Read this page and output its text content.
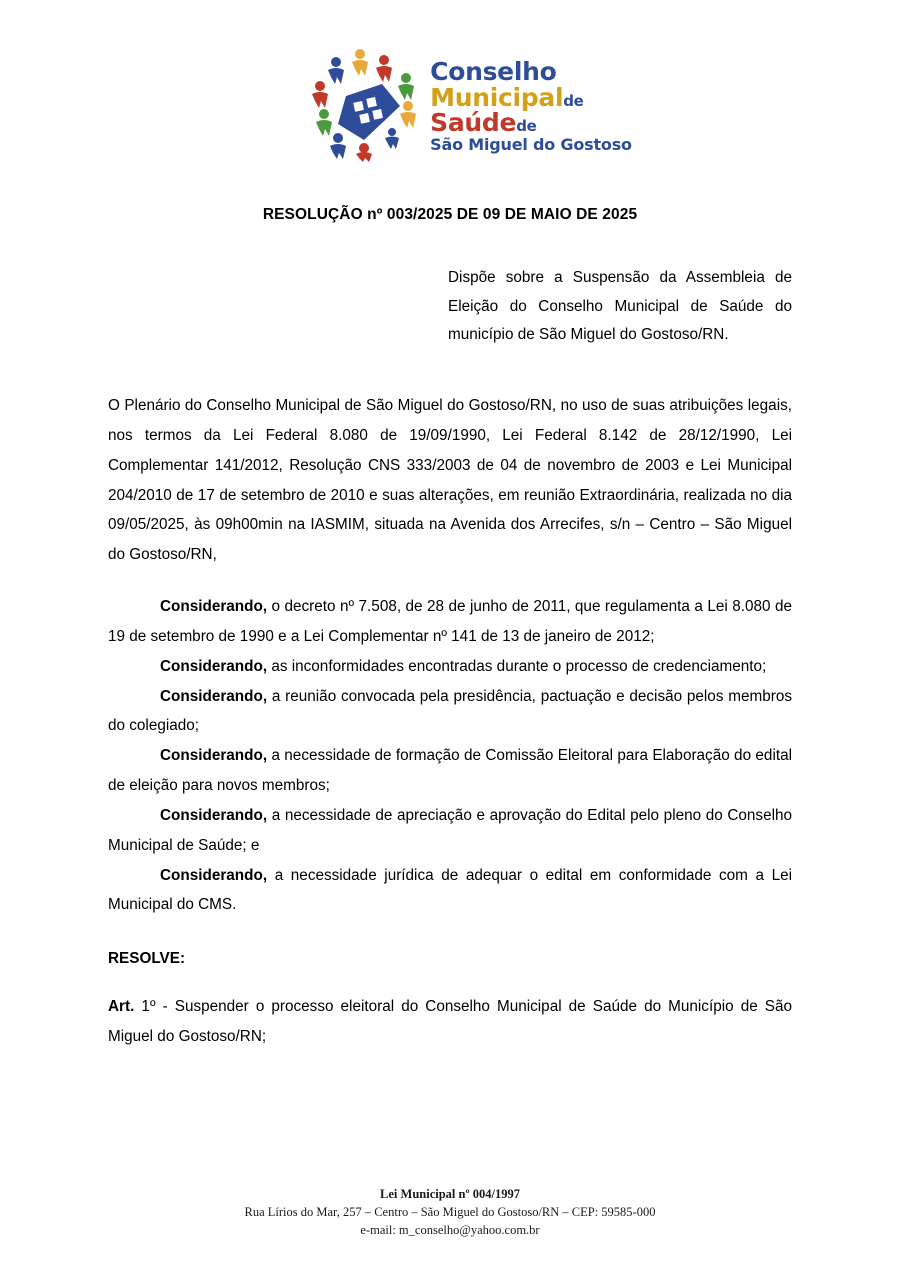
Conselho
Municipalde
Saúdede
São Miguel do Gostoso
RESOLUÇÃO nº 003/2025 DE 09 DE MAIO DE 2025
Dispõe sobre a Suspensão da Assembleia de Eleição do Conselho Municipal de Saúde do município de São Miguel do Gostoso/RN.

O Plenário do Conselho Municipal de São Miguel do Gostoso/RN, no uso de suas atribuições legais, nos termos da Lei Federal 8.080 de 19/09/1990, Lei Federal 8.142 de 28/12/1990, Lei Complementar 141/2012, Resolução CNS 333/2003 de 04 de novembro de 2003 e Lei Municipal 204/2010 de 17 de setembro de 2010 e suas alterações, em reunião Extraordinária, realizada no dia 09/05/2025, às 09h00min na IASMIM, situada na Avenida dos Arrecifes, s/n – Centro – São Miguel do Gostoso/RN,

Considerando, o decreto nº 7.508, de 28 de junho de 2011, que regulamenta a Lei 8.080 de 19 de setembro de 1990 e a Lei Complementar nº 141 de 13 de janeiro de 2012;

Considerando, as inconformidades encontradas durante o processo de credenciamento;

Considerando, a reunião convocada pela presidência, pactuação e decisão pelos membros do colegiado;

Considerando, a necessidade de formação de Comissão Eleitoral para Elaboração do edital de eleição para novos membros;

Considerando, a necessidade de apreciação e aprovação do Edital pelo pleno do Conselho Municipal de Saúde; e

Considerando, a necessidade jurídica de adequar o edital em conformidade com a Lei Municipal do CMS.

RESOLVE:

Art. 1º - Suspender o processo eleitoral do Conselho Municipal de Saúde do Município de São Miguel do Gostoso/RN;

Lei Municipal nº 004/1997
Rua Lírios do Mar, 257 – Centro – São Miguel do Gostoso/RN – CEP: 59585-000
e-mail: m_conselho@yahoo.com.br
